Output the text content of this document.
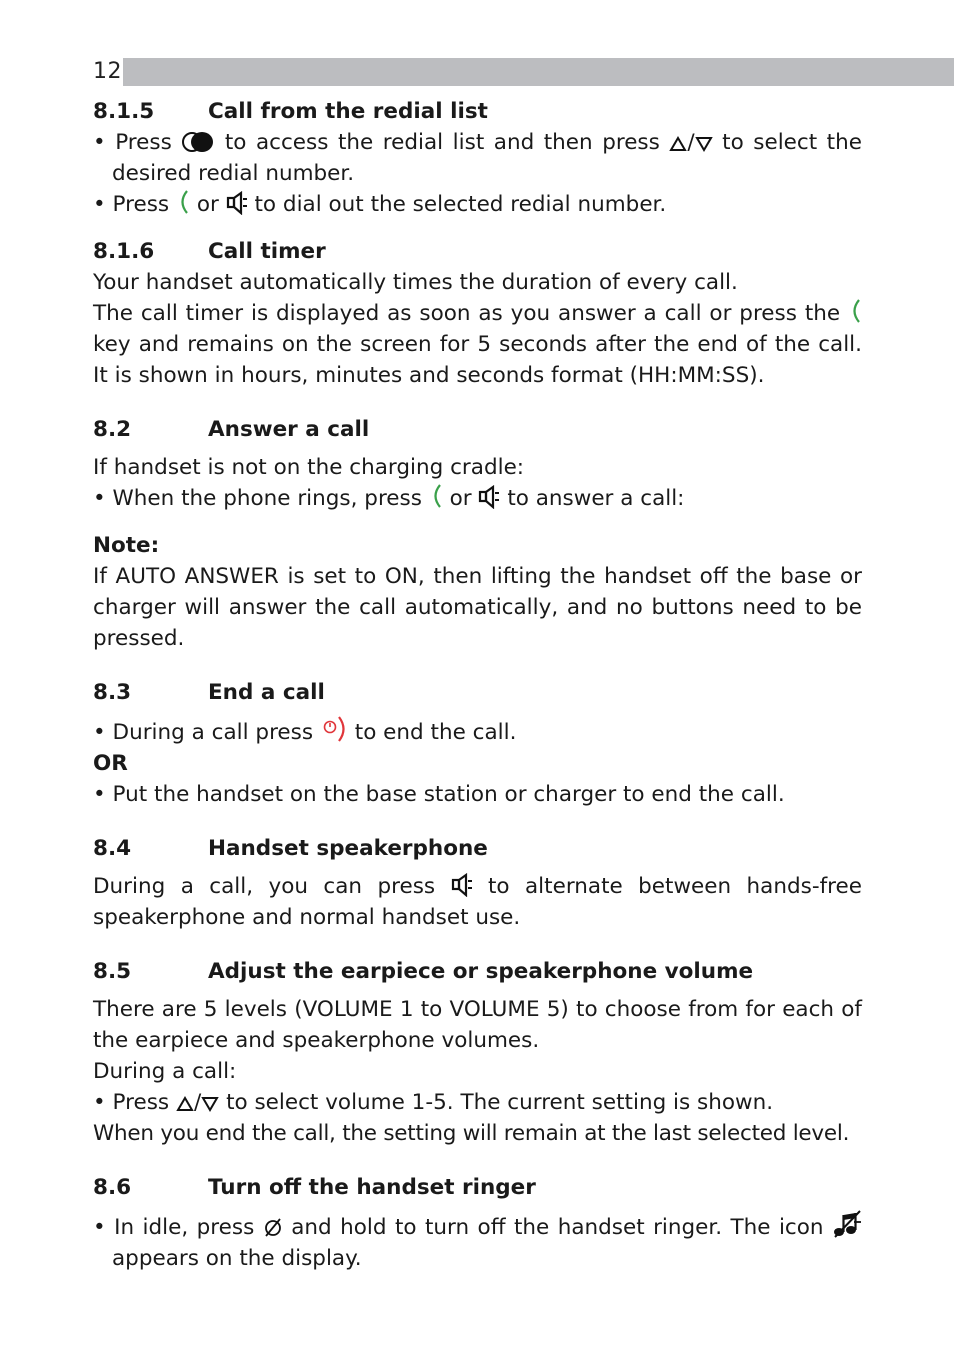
12
8.1.5	Call from the redial list

• Press to access the redial list and then press / to select the desired redial number.

• Press or to dial out the selected redial number.

8.1.6	Call timer

Your handset automatically times the duration of every call.

The call timer is displayed as soon as you answer a call or press the
key and remains on the screen for 5 seconds after the end of the call. It is shown in hours, minutes and seconds format (HH:MM:SS).

8.2	Answer a call

If handset is not on the charging cradle:

• When the phone rings, press or to answer a call:

Note:

If AUTO ANSWER is set to ON, then lifting the handset off the base or charger will answer the call automatically, and no buttons need to be pressed.

8.3	End a call

• During a call press to end the call.

OR

• Put the handset on the base station or charger to end the call.

8.4	Handset speakerphone

During a call, you can press to alternate between hands-free speakerphone and normal handset use.

8.5	Adjust the earpiece or speakerphone volume

There are 5 levels (VOLUME 1 to VOLUME 5) to choose from for each of the earpiece and speakerphone volumes.

During a call:

• Press / to select volume 1-5. The current setting is shown.

When you end the call, the setting will remain at the last selected level.

8.6	Turn off the handset ringer

• In idle, press and hold to turn off the handset ringer. The icon
appears on the display.
